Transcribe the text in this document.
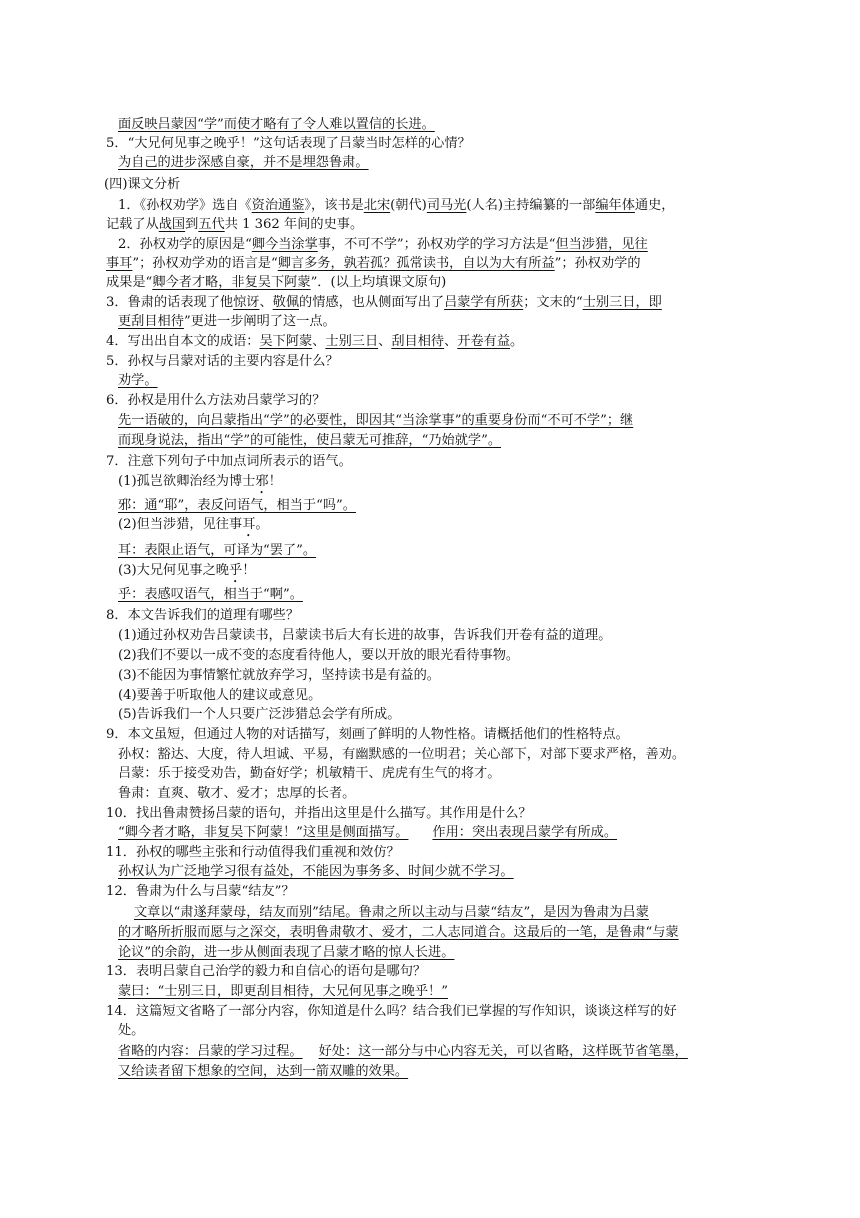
面反映吕蒙因“学”而使才略有了令人难以置信的长进。
5．“大兄何见事之晚乎！”这句话表现了吕蒙当时怎样的心情？
为自己的进步深感自豪，并不是埋怨鲁肃。
(四)课文分析
1．《孙权劝学》选自《资治通鉴》，该书是北宋(朝代)司马光(人名)主持编纂的一部编年体通史，
记载了从战国到五代共 1 362 年间的史事。
2．孙权劝学的原因是“卿今当涂掌事，不可不学”；孙权劝学的学习方法是“但当涉猎，见往
事耳”；孙权劝学劝的语言是“卿言多务，孰若孤？孤常读书，自以为大有所益”；孙权劝学的
成果是“卿今者才略，非复吴下阿蒙”．(以上均填课文原句)
3．鲁肃的话表现了他惊讶、敬佩的情感，也从侧面写出了吕蒙学有所获；文末的“士别三日，即
更刮目相待”更进一步阐明了这一点。
4．写出出自本文的成语：吴下阿蒙、士别三日、刮目相待、开卷有益。
5．孙权与吕蒙对话的主要内容是什么？
劝学。
6．孙权是用什么方法劝吕蒙学习的？
先一语破的，向吕蒙指出“学”的必要性，即因其“当涂掌事”的重要身份而“不可不学”；继
而现身说法，指出“学”的可能性，使吕蒙无可推辞，“乃始就学”。
7．注意下列句子中加点词所表示的语气。
(1)孤岂欲卿治经为博士邪！
邪：通“耶”，表反问语气，相当于“吗”。
(2)但当涉猎，见往事耳。
耳：表限止语气，可译为“罢了”。
(3)大兄何见事之晚乎！
乎：表感叹语气，相当于“啊”。
8．本文告诉我们的道理有哪些？
(1)通过孙权劝告吕蒙读书，吕蒙读书后大有长进的故事，告诉我们开卷有益的道理。
(2)我们不要以一成不变的态度看待他人，要以开放的眼光看待事物。
(3)不能因为事情繁忙就放弃学习，坚持读书是有益的。
(4)要善于听取他人的建议或意见。
(5)告诉我们一个人只要广泛涉猎总会学有所成。
9．本文虽短，但通过人物的对话描写，刻画了鲜明的人物性格。请概括他们的性格特点。
孙权：豁达、大度，待人坦诚、平易，有幽默感的一位明君；关心部下，对部下要求严格，善劝。
吕蒙：乐于接受劝告，勤奋好学；机敏精干、虎虎有生气的将才。
鲁肃：直爽、敬才、爱才；忠厚的长者。
10．找出鲁肃赞扬吕蒙的语句，并指出这里是什么描写。其作用是什么？
“卿今者才略，非复吴下阿蒙！”这里是侧面描写。 作用：突出表现吕蒙学有所成。
11．孙权的哪些主张和行动值得我们重视和效仿？
孙权认为广泛地学习很有益处，不能因为事务多、时间少就不学习。
12．鲁肃为什么与吕蒙“结友”？
文章以“肃遂拜蒙母，结友而别”结尾。鲁肃之所以主动与吕蒙“结友”，是因为鲁肃为吕蒙
的才略所折服而愿与之深交，表明鲁肃敬才、爱才，二人志同道合。这最后的一笔，是鲁肃“与蒙
论议”的余韵，进一步从侧面表现了吕蒙才略的惊人长进。
13．表明吕蒙自己治学的毅力和自信心的语句是哪句？
蒙曰：“士别三日，即更刮目相待，大兄何见事之晚乎！”
14．这篇短文省略了一部分内容，你知道是什么吗？结合我们已掌握的写作知识，谈谈这样写的好
处。
省略的内容：吕蒙的学习过程。 好处：这一部分与中心内容无关，可以省略，这样既节省笔墨，
又给读者留下想象的空间，达到一箭双雕的效果。
